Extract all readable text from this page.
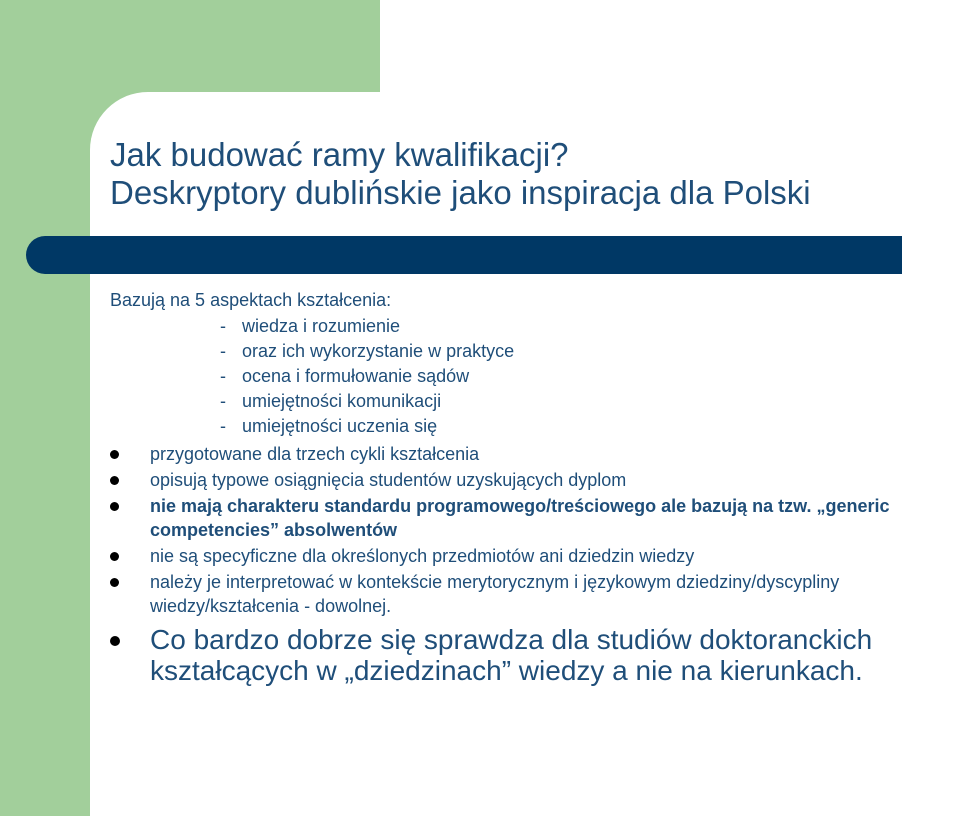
Jak budować ramy kwalifikacji?
Deskryptory dublińskie jako inspiracja dla Polski
Bazują na 5 aspektach kształcenia:
- wiedza i rozumienie
- oraz ich wykorzystanie w praktyce
- ocena i formułowanie sądów
- umiejętności komunikacji
- umiejętności uczenia się
przygotowane dla trzech cykli kształcenia
opisują typowe osiągnięcia studentów uzyskujących dyplom
nie mają charakteru standardu programowego/treściowego ale bazują na tzw. „generic competencies” absolwentów
nie są specyficzne dla określonych przedmiotów ani dziedzin wiedzy
należy je interpretować w kontekście merytorycznym i językowym dziedziny/dyscypliny wiedzy/kształcenia - dowolnej.
Co bardzo dobrze się sprawdza dla studiów doktoranckich kształcących w „dziedzinach” wiedzy a nie na kierunkach.
